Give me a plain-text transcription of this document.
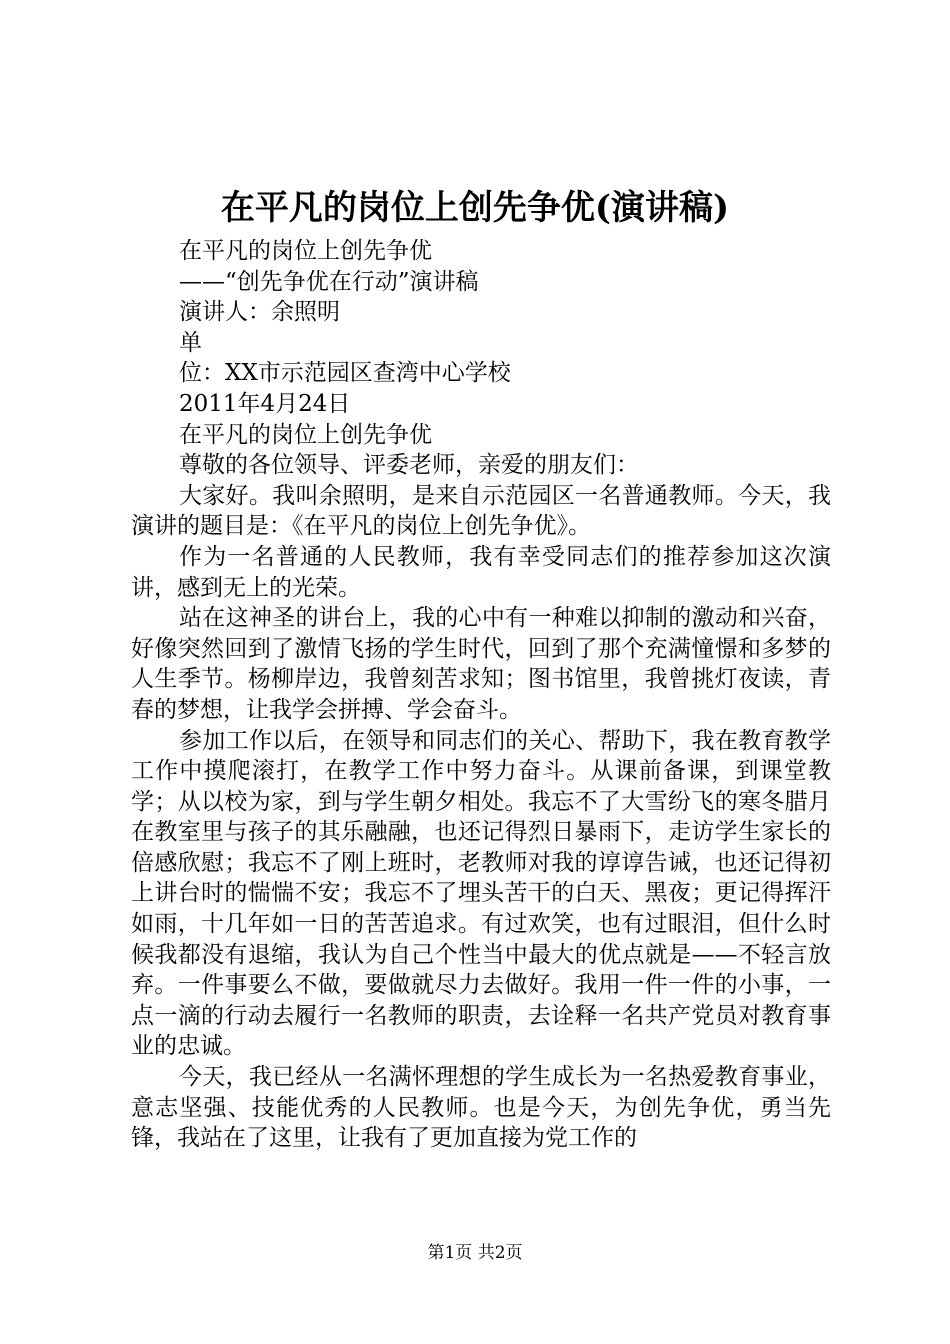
在平凡的岗位上创先争优(演讲稿)
在平凡的岗位上创先争优
——“创先争优在行动”演讲稿
演讲人：余照明
单
位：XX市示范园区查湾中心学校
2011年4月24日
在平凡的岗位上创先争优
尊敬的各位领导、评委老师，亲爱的朋友们：

大家好。我叫余照明，是来自示范园区一名普通教师。今天，我演讲的题目是：《在平凡的岗位上创先争优》。

作为一名普通的人民教师，我有幸受同志们的推荐参加这次演讲，感到无上的光荣。

站在这神圣的讲台上，我的心中有一种难以抑制的激动和兴奋，好像突然回到了激情飞扬的学生时代，回到了那个充满憧憬和多梦的人生季节。杨柳岸边，我曾刻苦求知；图书馆里，我曾挑灯夜读，青春的梦想，让我学会拼搏、学会奋斗。

参加工作以后，在领导和同志们的关心、帮助下，我在教育教学工作中摸爬滚打，在教学工作中努力奋斗。从课前备课，到课堂教学；从以校为家，到与学生朝夕相处。我忘不了大雪纷飞的寒冬腊月在教室里与孩子的其乐融融，也还记得烈日暴雨下，走访学生家长的倍感欣慰；我忘不了刚上班时，老教师对我的谆谆告诫，也还记得初上讲台时的惴惴不安；我忘不了埋头苦干的白天、黑夜；更记得挥汗如雨，十几年如一日的苦苦追求。有过欢笑，也有过眼泪，但什么时候我都没有退缩，我认为自己个性当中最大的优点就是——不轻言放弃。一件事要么不做，要做就尽力去做好。我用一件一件的小事，一点一滴的行动去履行一名教师的职责，去诠释一名共产党员对教育事业的忠诚。

今天，我已经从一名满怀理想的学生成长为一名热爱教育事业，意志坚强、技能优秀的人民教师。也是今天，为创先争优，勇当先锋，我站在了这里，让我有了更加直接为党工作的

第1页 共2页
